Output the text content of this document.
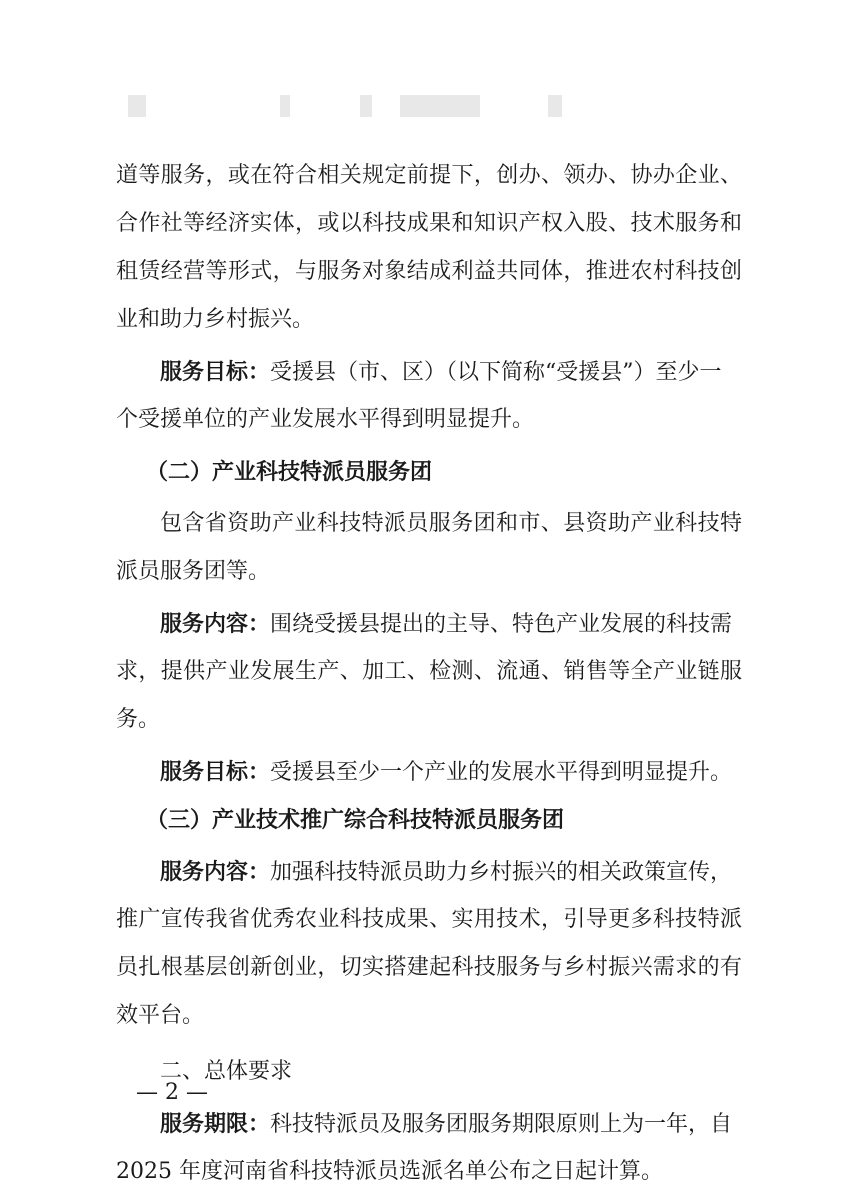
道等服务，或在符合相关规定前提下，创办、领办、协办企业、
合作社等经济实体，或以科技成果和知识产权入股、技术服务和
租赁经营等形式，与服务对象结成利益共同体，推进农村科技创
业和助力乡村振兴。
服务目标：受援县（市、区）（以下简称“受援县”）至少一
个受援单位的产业发展水平得到明显提升。
（二）产业科技特派员服务团
包含省资助产业科技特派员服务团和市、县资助产业科技特
派员服务团等。
服务内容：围绕受援县提出的主导、特色产业发展的科技需
求，提供产业发展生产、加工、检测、流通、销售等全产业链服
务。
服务目标：受援县至少一个产业的发展水平得到明显提升。
（三）产业技术推广综合科技特派员服务团
服务内容：加强科技特派员助力乡村振兴的相关政策宣传，
推广宣传我省优秀农业科技成果、实用技术，引导更多科技特派
员扎根基层创新创业，切实搭建起科技服务与乡村振兴需求的有
效平台。
二、总体要求
服务期限：科技特派员及服务团服务期限原则上为一年，自
2025 年度河南省科技特派员选派名单公布之日起计算。
— 2 —
